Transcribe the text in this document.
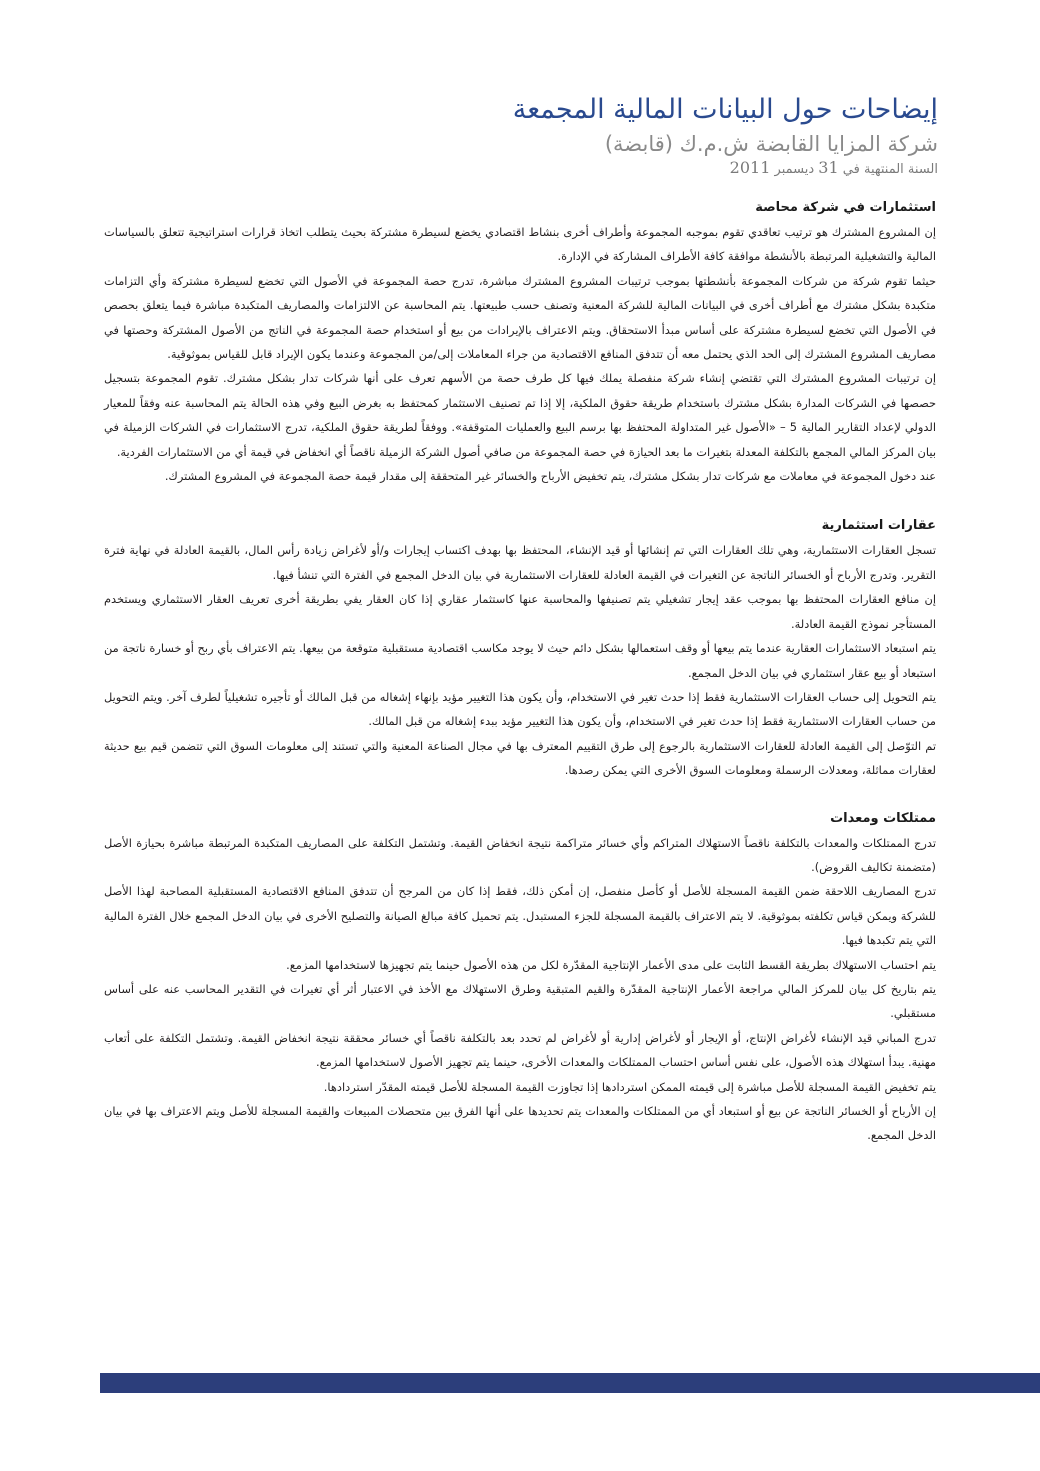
إيضاحات حول البيانات المالية المجمعة

شركة المزايا القابضة ش.م.ك (قابضة)

السنة المنتهية في 31 ديسمبر 2011

استثمارات في شركة محاصة

إن المشروع المشترك هو ترتيب تعاقدي تقوم بموجبه المجموعة وأطراف أخرى بنشاط اقتصادي يخضع لسيطرة مشتركة بحيث يتطلب اتخاذ قرارات استراتيجية تتعلق بالسياسات المالية والتشغيلية المرتبطة بالأنشطة موافقة كافة الأطراف المشاركة في الإدارة.

حيثما تقوم شركة من شركات المجموعة بأنشطتها بموجب ترتيبات المشروع المشترك مباشرة، تدرج حصة المجموعة في الأصول التي تخضع لسيطرة مشتركة وأي التزامات متكبدة بشكل مشترك مع أطراف أخرى في البيانات المالية للشركة المعنية وتصنف حسب طبيعتها. يتم المحاسبة عن الالتزامات والمصاريف المتكبدة مباشرة فيما يتعلق بحصص في الأصول التي تخضع لسيطرة مشتركة على أساس مبدأ الاستحقاق. ويتم الاعتراف بالإيرادات من بيع أو استخدام حصة المجموعة في الناتج من الأصول المشتركة وحصتها في مصاريف المشروع المشترك إلى الحد الذي يحتمل معه أن تتدفق المنافع الاقتصادية من جراء المعاملات إلى/من المجموعة وعندما يكون الإيراد قابل للقياس بموثوقية.

إن ترتيبات المشروع المشترك التي تقتضي إنشاء شركة منفصلة يملك فيها كل طرف حصة من الأسهم تعرف على أنها شركات تدار بشكل مشترك. تقوم المجموعة بتسجيل حصصها في الشركات المدارة بشكل مشترك باستخدام طريقة حقوق الملكية، إلا إذا تم تصنيف الاستثمار كمحتفظ به بغرض البيع وفي هذه الحالة يتم المحاسبة عنه وفقاً للمعيار الدولي لإعداد التقارير المالية 5 – «الأصول غير المتداولة المحتفظ بها برسم البيع والعمليات المتوقفة». ووفقاً لطريقة حقوق الملكية، تدرج الاستثمارات في الشركات الزميلة في بيان المركز المالي المجمع بالتكلفة المعدلة بتغيرات ما بعد الحيازة في حصة المجموعة من صافي أصول الشركة الزميلة ناقصاً أي انخفاض في قيمة أي من الاستثمارات الفردية.

عند دخول المجموعة في معاملات مع شركات تدار بشكل مشترك، يتم تخفيض الأرباح والخسائر غير المتحققة إلى مقدار قيمة حصة المجموعة في المشروع المشترك.

عقارات استثمارية

تسجل العقارات الاستثمارية، وهي تلك العقارات التي تم إنشائها أو قيد الإنشاء، المحتفظ بها بهدف اكتساب إيجارات و/أو لأغراض زيادة رأس المال، بالقيمة العادلة في نهاية فترة التقرير. وتدرج الأرباح أو الخسائر الناتجة عن التغيرات في القيمة العادلة للعقارات الاستثمارية في بيان الدخل المجمع في الفترة التي تنشأ فيها.

إن منافع العقارات المحتفظ بها بموجب عقد إيجار تشغيلي يتم تصنيفها والمحاسبة عنها كاستثمار عقاري إذا كان العقار يفي بطريقة أخرى تعريف العقار الاستثماري ويستخدم المستأجر نموذج القيمة العادلة.

يتم استبعاد الاستثمارات العقارية عندما يتم بيعها أو وقف استعمالها بشكل دائم حيث لا يوجد مكاسب اقتصادية مستقبلية متوقعة من بيعها. يتم الاعتراف بأي ربح أو خسارة ناتجة من استبعاد أو بيع عقار استثماري في بيان الدخل المجمع.

يتم التحويل إلى حساب العقارات الاستثمارية فقط إذا حدث تغير في الاستخدام، وأن يكون هذا التغيير مؤيد بإنهاء إشغاله من قبل المالك أو تأجيره تشغيلياً لطرف آخر. ويتم التحويل من حساب العقارات الاستثمارية فقط إذا حدث تغير في الاستخدام، وأن يكون هذا التغيير مؤيد ببدء إشغاله من قبل المالك.

تم التوّصل إلى القيمة العادلة للعقارات الاستثمارية بالرجوع إلى طرق التقييم المعترف بها في مجال الصناعة المعنية والتي تستند إلى معلومات السوق التي تتضمن قيم بيع حديثة لعقارات مماثلة، ومعدلات الرسملة ومعلومات السوق الأخرى التي يمكن رصدها.

ممتلكات ومعدات

تدرج الممتلكات والمعدات بالتكلفة ناقصاً الاستهلاك المتراكم وأي خسائر متراكمة نتيجة انخفاض القيمة. وتشتمل التكلفة على المصاريف المتكبدة المرتبطة مباشرة بحيازة الأصل (متضمنة تكاليف القروض).

تدرج المصاريف اللاحقة ضمن القيمة المسجلة للأصل أو كأصل منفصل، إن أمكن ذلك، فقط إذا كان من المرجح أن تتدفق المنافع الاقتصادية المستقبلية المصاحبة لهذا الأصل للشركة ويمكن قياس تكلفته بموثوقية. لا يتم الاعتراف بالقيمة المسجلة للجزء المستبدل. يتم تحميل كافة مبالغ الصيانة والتصليح الأخرى في بيان الدخل المجمع خلال الفترة المالية التي يتم تكبدها فيها.

يتم احتساب الاستهلاك بطريقة القسط الثابت على مدى الأعمار الإنتاجية المقدّرة لكل من هذه الأصول حينما يتم تجهيزها لاستخدامها المزمع.

يتم بتاريخ كل بيان للمركز المالي مراجعة الأعمار الإنتاجية المقدّرة والقيم المتبقية وطرق الاستهلاك مع الأخذ في الاعتبار أثر أي تغيرات في التقدير المحاسب عنه على أساس مستقبلي.

تدرج المباني قيد الإنشاء لأغراض الإنتاج، أو الإيجار أو لأغراض إدارية أو لأغراض لم تحدد بعد بالتكلفة ناقصاً أي خسائر محققة نتيجة انخفاض القيمة. وتشتمل التكلفة على أتعاب مهنية. يبدأ استهلاك هذه الأصول، على نفس أساس احتساب الممتلكات والمعدات الأخرى، حينما يتم تجهيز الأصول لاستخدامها المزمع.

يتم تخفيض القيمة المسجلة للأصل مباشرة إلى قيمته الممكن استردادها إذا تجاوزت القيمة المسجلة للأصل قيمته المقدّر استردادها.

إن الأرباح أو الخسائر الناتجة عن بيع أو استبعاد أي من الممتلكات والمعدات يتم تحديدها على أنها الفرق بين متحصلات المبيعات والقيمة المسجلة للأصل ويتم الاعتراف بها في بيان الدخل المجمع.
